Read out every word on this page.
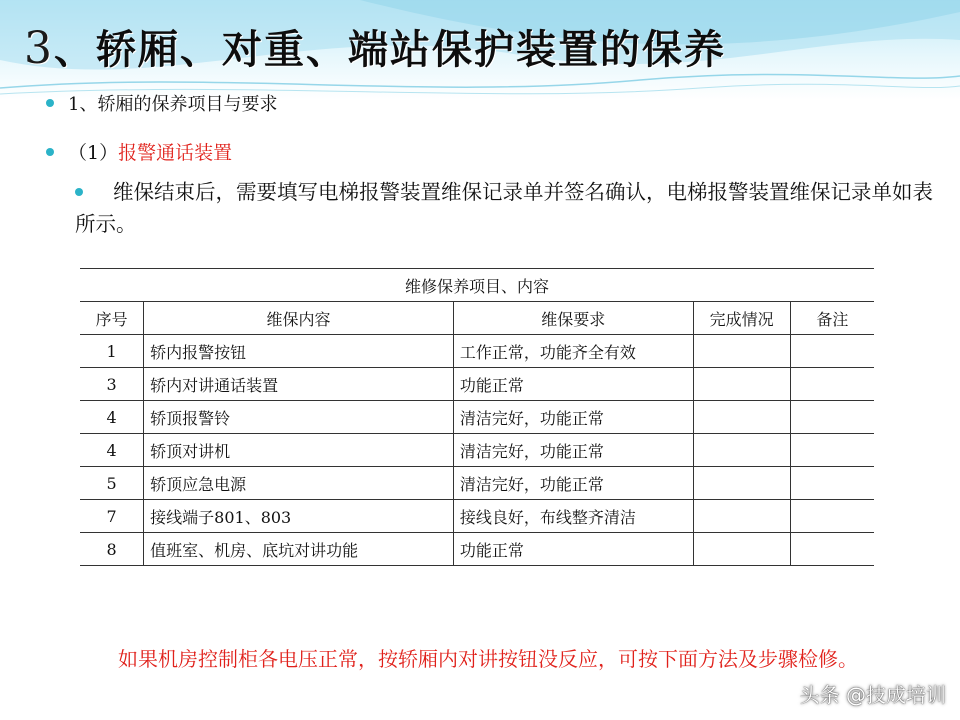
3、轿厢、对重、端站保护装置的保养
1、轿厢的保养项目与要求
（1）报警通话装置
维保结束后，需要填写电梯报警装置维保记录单并签名确认，电梯报警装置维保记录单如表所示。
维修保养项目、内容				
序号	维保内容	维保要求	完成情况	备注
1	轿内报警按钮	工作正常，功能齐全有效		
3	轿内对讲通话装置	功能正常		
4	轿顶报警铃	清洁完好，功能正常		
4	轿顶对讲机	清洁完好，功能正常		
5	轿顶应急电源	清洁完好，功能正常		
7	接线端子801、803	接线良好，布线整齐清洁		
8	值班室、机房、底坑对讲功能	功能正常		
如果机房控制柜各电压正常，按轿厢内对讲按钮没反应，可按下面方法及步骤检修。
头条 @技成培训
